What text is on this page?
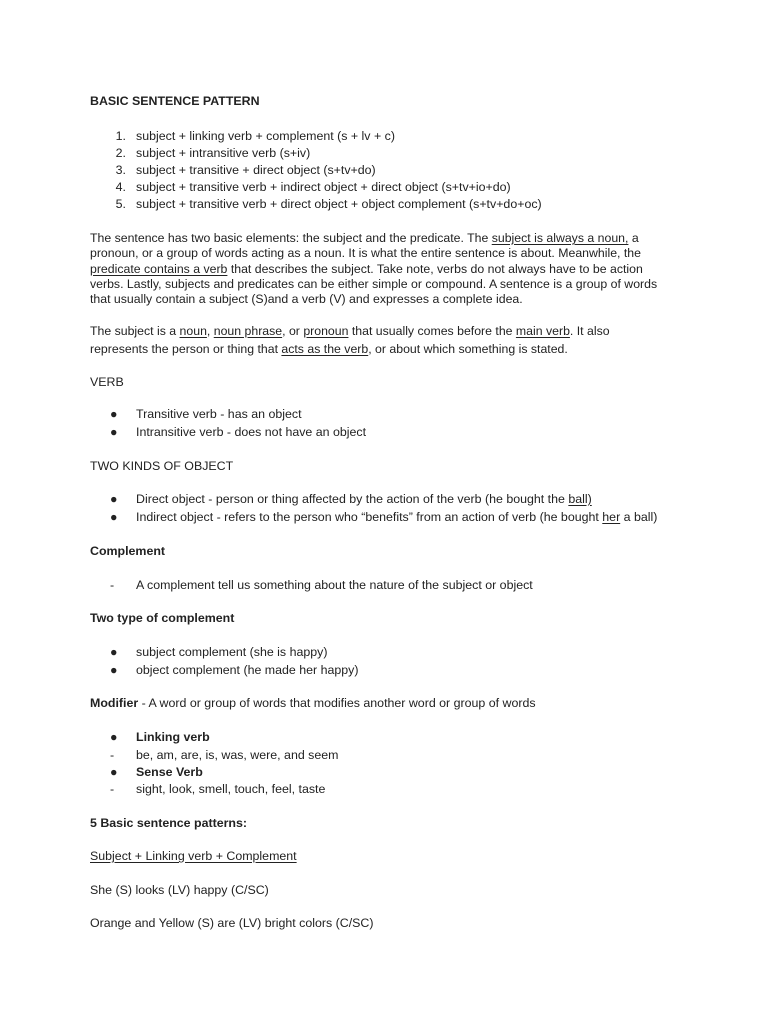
BASIC SENTENCE PATTERN
1. subject + linking verb + complement (s + lv + c)
2. subject + intransitive verb (s+iv)
3. subject + transitive + direct object (s+tv+do)
4. subject + transitive verb + indirect object + direct object (s+tv+io+do)
5. subject + transitive verb + direct object + object complement (s+tv+do+oc)

The sentence has two basic elements: the subject and the predicate. The subject is always a noun, a

pronoun, or a group of words acting as a noun. It is what the entire sentence is about. Meanwhile, the

predicate contains a verb that describes the subject. Take note, verbs do not always have to be action

verbs. Lastly, subjects and predicates can be either simple or compound. A sentence is a group of words

that usually contain a subject (S)and a verb (V) and expresses a complete idea.

The subject is a noun, noun phrase, or pronoun that usually comes before the main verb. It also

represents the person or thing that acts as the verb, or about which something is stated.

VERB
●	Transitive verb - has an object
●	Intransitive verb - does not have an object
TWO KINDS OF OBJECT
●	Direct object - person or thing affected by the action of the verb (he bought the ball)
●	Indirect object - refers to the person who “benefits” from an action of verb (he bought her a ball)
Complement
-	A complement tell us something about the nature of the subject or object
Two type of complement
●	subject complement (she is happy)
●	object complement (he made her happy)
Modifier - A word or group of words that modifies another word or group of words
●	Linking verb
-	be, am, are, is, was, were, and seem
●	Sense Verb
-	sight, look, smell, touch, feel, taste
5 Basic sentence patterns:
Subject + Linking verb + Complement
She (S) looks (LV) happy (C/SC)
Orange and Yellow (S) are (LV) bright colors (C/SC)
